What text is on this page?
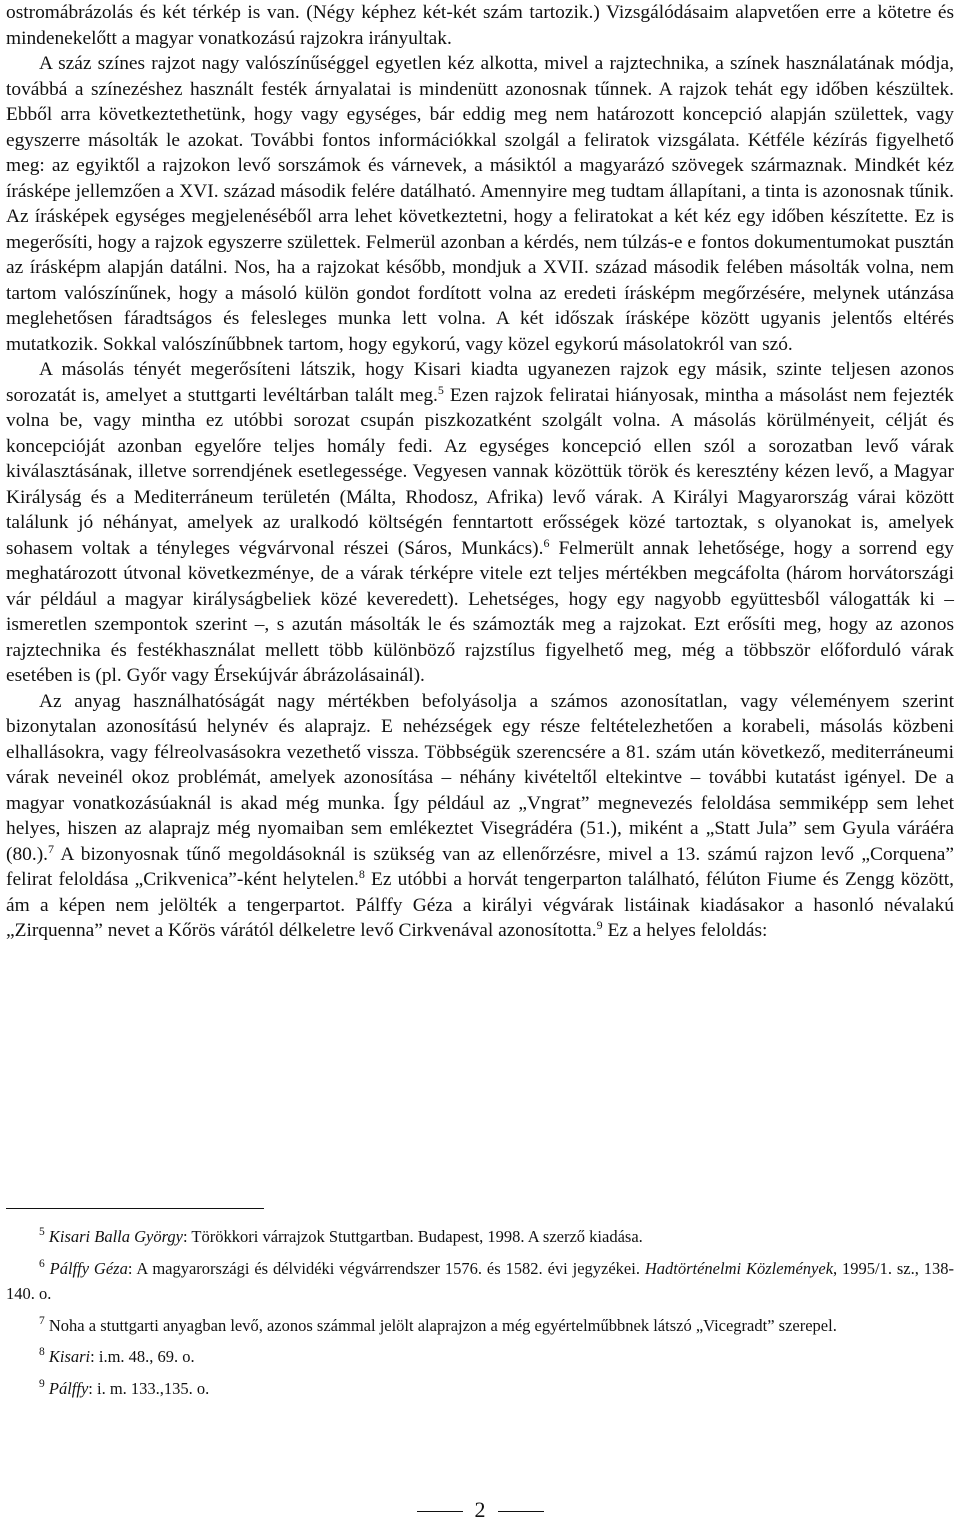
ostromábrázolás és két térkép is van. (Négy képhez két-két szám tartozik.) Vizsgálódásaim alapvetően erre a kötetre és mindenekelőtt a magyar vonatkozású rajzokra irányultak.

A száz színes rajzot nagy valószínűséggel egyetlen kéz alkotta, mivel a rajztechnika, a színek használatának módja, továbbá a színezéshez használt festék árnyalatai is mindenütt azonosnak tűnnek. A rajzok tehát egy időben készültek. Ebből arra következtethetünk, hogy vagy egységes, bár eddig meg nem határozott koncepció alapján születtek, vagy egyszerre másolták le azokat. További fontos információkkal szolgál a feliratok vizsgálata. Kétféle kézírás figyelhető meg: az egyiktől a rajzokon levő sorszámok és várnevek, a másiktól a magyarázó szövegek származnak. Mindkét kéz írásképe jellemzően a XVI. század második felére datálható. Amennyire meg tudtam állapítani, a tinta is azonosnak tűnik. Az írásképek egységes megjelenéséből arra lehet következtetni, hogy a feliratokat a két kéz egy időben készítette. Ez is megerősíti, hogy a rajzok egyszerre születtek. Felmerül azonban a kérdés, nem túlzás-e e fontos dokumentumokat pusztán az írásképm alapján datálni. Nos, ha a rajzokat később, mondjuk a XVII. század második felében másolták volna, nem tartom valószínűnek, hogy a másoló külön gondot fordított volna az eredeti írásképm megőrzésére, melynek utánzása meglehetősen fáradtságos és felesleges munka lett volna. A két időszak írásképe között ugyanis jelentős eltérés mutatkozik. Sokkal valószínűbbnek tartom, hogy egykorú, vagy közel egykorú másolatokról van szó.

A másolás tényét megerősíteni látszik, hogy Kisari kiadta ugyanezen rajzok egy másik, szinte teljesen azonos sorozatát is, amelyet a stuttgarti levéltárban talált meg.$^5$ Ezen rajzok feliratai hiányosak, mintha a másolást nem fejezték volna be, vagy mintha ez utóbbi sorozat csupán piszkozatként szolgált volna. A másolás körülményeit, célját és koncepcióját azonban egyelőre teljes homály fedi. Az egységes koncepció ellen szól a sorozatban levő várak kiválasztásának, illetve sorrendjének esetlegessége. Vegyesen vannak közöttük török és keresztény kézen levő, a Magyar Királyság és a Mediterráneum területén (Málta, Rhodosz, Afrika) levő várak. A Királyi Magyarország várai között találunk jó néhányat, amelyek az uralkodó költségén fenntartott erősségek közé tartoztak, s olyanokat is, amelyek sohasem voltak a tényleges végvárvonal részei (Sáros, Munkács).$^6$ Felmerült annak lehetősége, hogy a sorrend egy meghatározott útvonal következménye, de a várak térképre vitele ezt teljes mértékben megcáfolta (három horvátországi vár például a magyar királyságbeliek közé keveredett). Lehetséges, hogy egy nagyobb együttesből válogatták ki – ismeretlen szempontok szerint –, s azután másolták le és számozták meg a rajzokat. Ezt erősíti meg, hogy az azonos rajztechnika és festékhasználat mellett több különböző rajzstílus figyelhető meg, még a többször előforduló várak esetében is (pl. Győr vagy Érsekújvár ábrázolásainál).

Az anyag használhatóságát nagy mértékben befolyásolja a számos azonosítatlan, vagy véleményem szerint bizonytalan azonosítású helynév és alaprajz. E nehézségek egy része feltételezhetően a korabeli, másolás közbeni elhallásokra, vagy félreolvasásokra vezethető vissza. Többségük szerencsére a 81. szám után következő, mediterráneumi várak neveinél okoz problémát, amelyek azonosítása – néhány kivételtől eltekintve – további kutatást igényel. De a magyar vonatkozásúaknál is akad még munka. Így például az „Vngrat” megnevezés feloldása semmiképp sem lehet helyes, hiszen az alaprajz még nyomaiban sem emlékeztet Visegrádéra (51.), miként a „Statt Jula” sem Gyula váráéra (80.).$^7$ A bizonyosnak tűnő megoldásoknál is szükség van az ellenőrzésre, mivel a 13. számú rajzon levő „Corquena” felirat feloldása „Crikvenica”-ként helytelen.$^8$ Ez utóbbi a horvát tengerparton található, félúton Fiume és Zengg között, ám a képen nem jelölték a tengerpartot. Pálffy Géza a királyi végvárak listáinak kiadásakor a hasonló névalakú „Zirquenna” nevet a Kőrös várától délkeletre levő Cirkvenával azonosította.$^9$ Ez a helyes feloldás:

$^5$ Kisari Balla György: Törökkori várrajzok Stuttgartban. Budapest, 1998. A szerző kiadása.

$^6$ Pálffy Géza: A magyarországi és délvidéki végvárrendszer 1576. és 1582. évi jegyzékei. Hadtörténelmi Közlemények, 1995/1. sz., 138-140. o.

$^7$ Noha a stuttgarti anyagban levő, azonos számmal jelölt alaprajzon a még egyértelműbbnek látszó „Vicegradt” szerepel.

$^8$ Kisari: i.m. 48., 69. o.

$^9$ Pálffy: i. m. 133.,135. o.

2
